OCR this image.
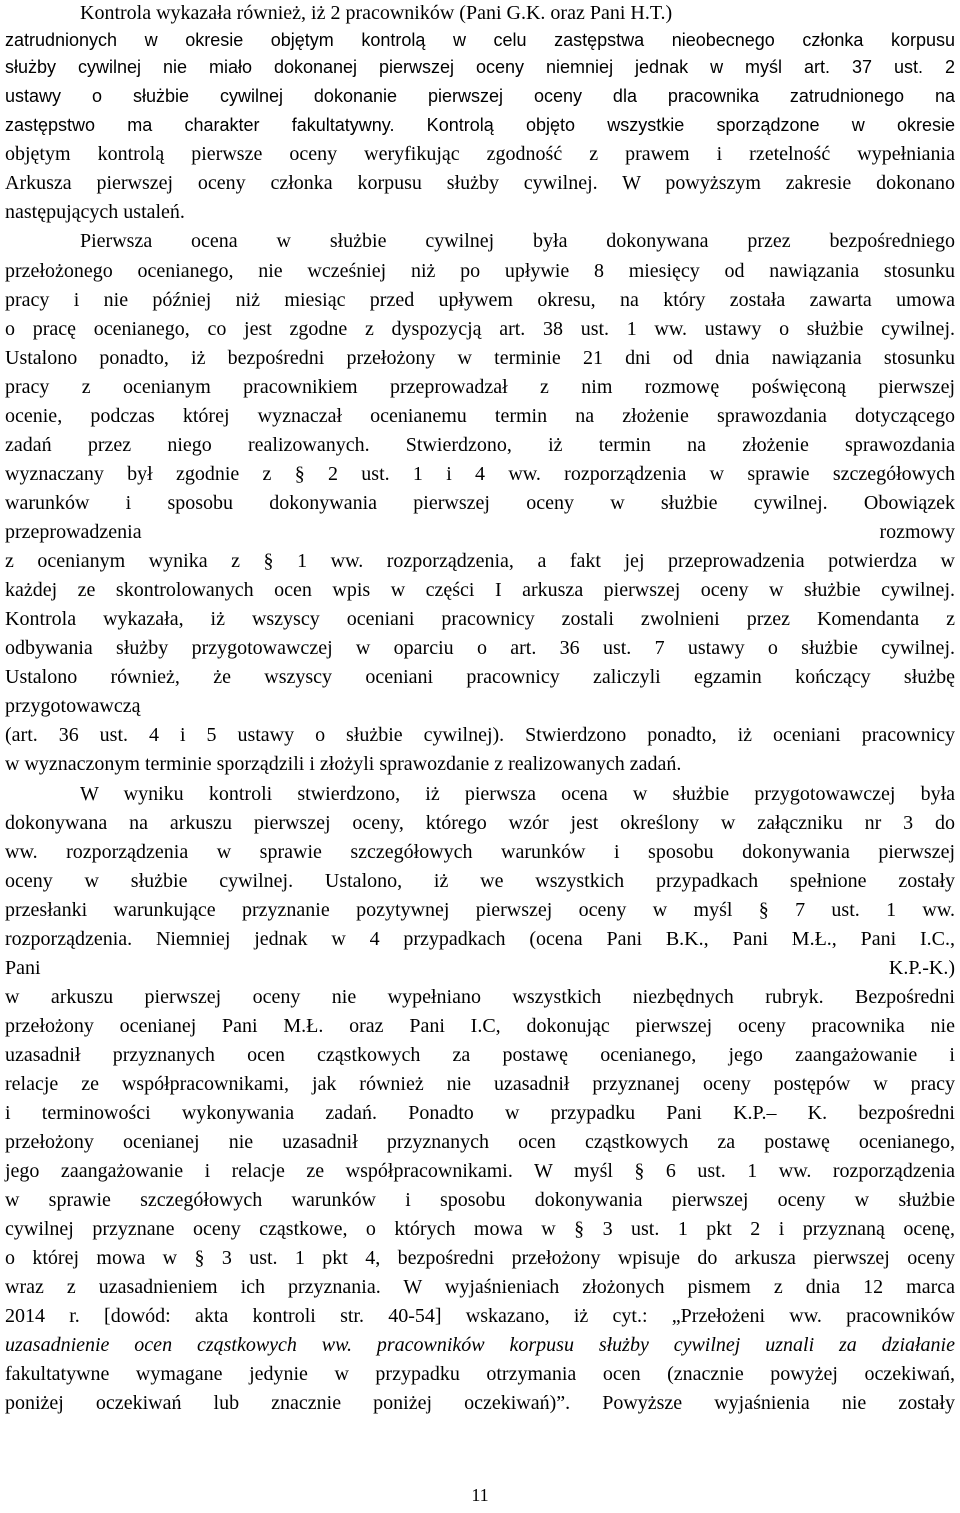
Kontrola wykazała również, iż 2 pracowników (Pani G.K. oraz Pani H.T.)
zatrudnionych w okresie objętym kontrolą w celu zastępstwa nieobecnego członka korpusu
służby cywilnej nie miało dokonanej pierwszej oceny niemniej jednak w myśl art. 37 ust. 2
ustawy o służbie cywilnej dokonanie pierwszej oceny dla pracownika zatrudnionego na
zastępstwo ma charakter fakultatywny. Kontrolą objęto wszystkie sporządzone w okresie
objętym kontrolą pierwsze oceny weryfikując zgodność z prawem i rzetelność wypełniania
Arkusza pierwszej oceny członka korpusu służby cywilnej. W powyższym zakresie dokonano
następujących ustaleń.
Pierwsza ocena w służbie cywilnej była dokonywana przez bezpośredniego
przełożonego ocenianego, nie wcześniej niż po upływie 8 miesięcy od nawiązania stosunku
pracy i nie później niż miesiąc przed upływem okresu, na który została zawarta umowa
o pracę ocenianego, co jest zgodne z dyspozycją art. 38 ust. 1 ww. ustawy o służbie cywilnej.
Ustalono ponadto, iż bezpośredni przełożony w terminie 21 dni od dnia nawiązania stosunku
pracy z ocenianym pracownikiem przeprowadzał z nim rozmowę poświęconą pierwszej
ocenie, podczas której wyznaczał ocenianemu termin na złożenie sprawozdania dotyczącego
zadań przez niego realizowanych. Stwierdzono, iż termin na złożenie sprawozdania
wyznaczany był zgodnie z § 2 ust. 1 i 4 ww. rozporządzenia w sprawie szczegółowych
warunków i sposobu dokonywania pierwszej oceny w służbie cywilnej. Obowiązek
przeprowadzenia rozmowy
z ocenianym wynika z § 1 ww. rozporządzenia, a fakt jej przeprowadzenia potwierdza w
każdej ze skontrolowanych ocen wpis w części I arkusza pierwszej oceny w służbie cywilnej.
Kontrola wykazała, iż wszyscy oceniani pracownicy zostali zwolnieni przez Komendanta z
odbywania służby przygotowawczej w oparciu o art. 36 ust. 7 ustawy o służbie cywilnej.
Ustalono również, że wszyscy oceniani pracownicy zaliczyli egzamin kończący służbę
przygotowawczą
(art. 36 ust. 4 i 5 ustawy o służbie cywilnej). Stwierdzono ponadto, iż oceniani pracownicy
w wyznaczonym terminie sporządzili i złożyli sprawozdanie z realizowanych zadań.
W wyniku kontroli stwierdzono, iż pierwsza ocena w służbie przygotowawczej była
dokonywana na arkuszu pierwszej oceny, którego wzór jest określony w załączniku nr 3 do
ww. rozporządzenia w sprawie szczegółowych warunków i sposobu dokonywania pierwszej
oceny w służbie cywilnej. Ustalono, iż we wszystkich przypadkach spełnione zostały
przesłanki warunkujące przyznanie pozytywnej pierwszej oceny w myśl § 7 ust. 1 ww.
rozporządzenia. Niemniej jednak w 4 przypadkach (ocena Pani B.K., Pani M.Ł., Pani I.C.,
Pani K.P.-K.)
w arkuszu pierwszej oceny nie wypełniano wszystkich niezbędnych rubryk. Bezpośredni
przełożony ocenianej Pani M.Ł. oraz Pani I.C, dokonując pierwszej oceny pracownika nie
uzasadnił przyznanych ocen cząstkowych za postawę ocenianego, jego zaangażowanie i
relacje ze współpracownikami, jak również nie uzasadnił przyznanej oceny postępów w pracy
i terminowości wykonywania zadań. Ponadto w przypadku Pani K.P.– K. bezpośredni
przełożony ocenianej nie uzasadnił przyznanych ocen cząstkowych za postawę ocenianego,
jego zaangażowanie i relacje ze współpracownikami. W myśl § 6 ust. 1 ww. rozporządzenia
w sprawie szczegółowych warunków i sposobu dokonywania pierwszej oceny w służbie
cywilnej przyznane oceny cząstkowe, o których mowa w § 3 ust. 1 pkt 2 i przyznaną ocenę,
o której mowa w § 3 ust. 1 pkt 4, bezpośredni przełożony wpisuje do arkusza pierwszej oceny
wraz z uzasadnieniem ich przyznania. W wyjaśnieniach złożonych pismem z dnia 12 marca
2014 r. [dowód: akta kontroli str. 40-54] wskazano, iż cyt.: „Przełożeni ww. pracowników
uzasadnienie ocen cząstkowych ww. pracowników korpusu służby cywilnej uznali za działanie
fakultatywne wymagane jedynie w przypadku otrzymania ocen (znacznie powyżej oczekiwań,
poniżej oczekiwań lub znacznie poniżej oczekiwań)”. Powyższe wyjaśnienia nie zostały
11
